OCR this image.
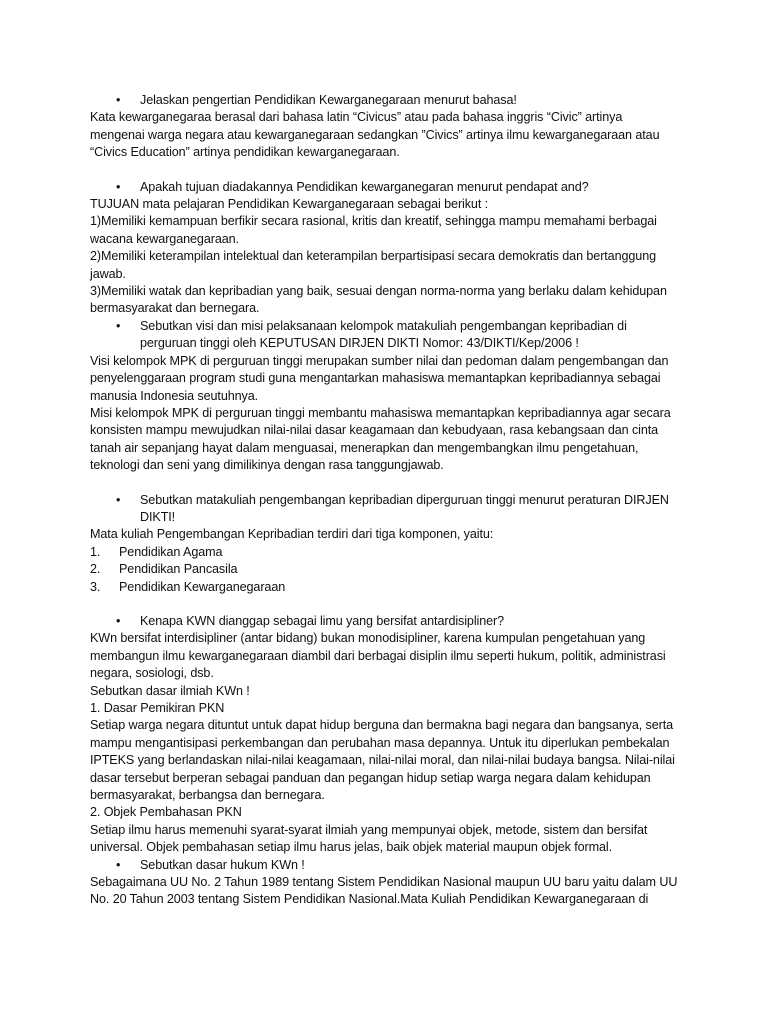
• Jelaskan pengertian Pendidikan Kewarganegaraan menurut bahasa!

Kata kewarganegaraa berasal dari bahasa latin “Civicus” atau pada bahasa inggris “Civic” artinya mengenai warga negara atau kewarganegaraan sedangkan ”Civics” artinya ilmu kewarganegaraan atau “Civics Education” artinya pendidikan kewarganegaraan.

• Apakah tujuan diadakannya Pendidikan kewarganegaran menurut pendapat and?

TUJUAN mata pelajaran Pendidikan Kewarganegaraan sebagai berikut :

1)Memiliki kemampuan berfikir secara rasional, kritis dan kreatif, sehingga mampu memahami berbagai wacana kewarganegaraan.

2)Memiliki keterampilan intelektual dan keterampilan berpartisipasi secara demokratis dan bertanggung jawab.

3)Memiliki watak dan kepribadian yang baik, sesuai dengan norma-norma yang berlaku dalam kehidupan bermasyarakat dan bernegara.

• Sebutkan visi dan misi pelaksanaan kelompok matakuliah pengembangan kepribadian di perguruan tinggi oleh KEPUTUSAN DIRJEN DIKTI Nomor: 43/DIKTI/Kep/2006 !

Visi kelompok MPK di perguruan tinggi merupakan sumber nilai dan pedoman dalam pengembangan dan penyelenggaraan program studi guna mengantarkan mahasiswa memantapkan kepribadiannya sebagai manusia Indonesia seutuhnya.

Misi kelompok MPK di perguruan tinggi membantu mahasiswa memantapkan kepribadiannya agar secara konsisten mampu mewujudkan nilai-nilai dasar keagamaan dan kebudyaan, rasa kebangsaan dan cinta tanah air sepanjang hayat dalam menguasai, menerapkan dan mengembangkan ilmu pengetahuan, teknologi dan seni yang dimilikinya dengan rasa tanggungjawab.

• Sebutkan matakuliah pengembangan kepribadian diperguruan tinggi menurut peraturan DIRJEN DIKTI!

Mata kuliah Pengembangan Kepribadian terdiri dari tiga komponen, yaitu:

1.	Pendidikan Agama
2.	Pendidikan Pancasila
3.	Pendidikan Kewarganegaraan

• Kenapa KWN dianggap sebagai limu yang bersifat antardisipliner?

KWn bersifat interdisipliner (antar bidang) bukan monodisipliner, karena kumpulan pengetahuan yang membangun ilmu kewarganegaraan diambil dari berbagai disiplin ilmu seperti hukum, politik, administrasi negara, sosiologi, dsb.

Sebutkan dasar ilmiah KWn !

1. Dasar Pemikiran PKN

Setiap warga negara dituntut untuk dapat hidup berguna dan bermakna bagi negara dan bangsanya, serta mampu mengantisipasi perkembangan dan perubahan masa depannya. Untuk itu diperlukan pembekalan IPTEKS yang berlandaskan nilai-nilai keagamaan, nilai-nilai moral, dan nilai-nilai budaya bangsa. Nilai-nilai dasar tersebut berperan sebagai panduan dan pegangan hidup setiap warga negara dalam kehidupan bermasyarakat, berbangsa dan bernegara.

2. Objek Pembahasan PKN

Setiap ilmu harus memenuhi syarat-syarat ilmiah yang mempunyai objek, metode, sistem dan bersifat universal. Objek pembahasan setiap ilmu harus jelas, baik objek material maupun objek formal.

• Sebutkan dasar hukum KWn !

Sebagaimana UU No. 2 Tahun 1989 tentang Sistem Pendidikan Nasional maupun UU baru yaitu dalam UU No. 20 Tahun 2003 tentang Sistem Pendidikan Nasional.Mata Kuliah Pendidikan Kewarganegaraan di
